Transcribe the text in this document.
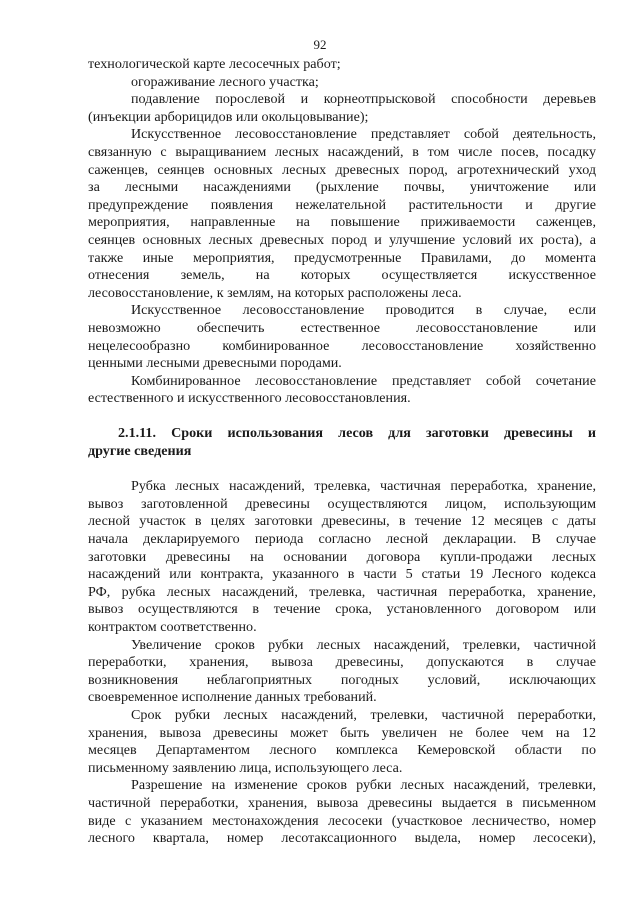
92
технологической карте лесосечных работ;
огораживание лесного участка;
подавление порослевой и корнеотпрысковой способности деревьев
(инъекции арборицидов или окольцовывание);
Искусственное лесовосстановление представляет собой деятельность,
связанную с выращиванием лесных насаждений, в том числе посев, посадку
саженцев, сеянцев основных лесных древесных пород, агротехнический уход
за лесными насаждениями (рыхление почвы, уничтожение или
предупреждение появления нежелательной растительности и другие
мероприятия, направленные на повышение приживаемости саженцев,
сеянцев основных лесных древесных пород и улучшение условий их роста), а
также иные мероприятия, предусмотренные Правилами, до момента
отнесения земель, на которых осуществляется искусственное
лесовосстановление, к землям, на которых расположены леса.
Искусственное лесовосстановление проводится в случае, если
невозможно обеспечить естественное лесовосстановление или
нецелесообразно комбинированное лесовосстановление хозяйственно
ценными лесными древесными породами.
Комбинированное лесовосстановление представляет собой сочетание
естественного и искусственного лесовосстановления.
2.1.11. Сроки использования лесов для заготовки древесины и
другие сведения
Рубка лесных насаждений, трелевка, частичная переработка, хранение,
вывоз заготовленной древесины осуществляются лицом, использующим
лесной участок в целях заготовки древесины, в течение 12 месяцев с даты
начала декларируемого периода согласно лесной декларации. В случае
заготовки древесины на основании договора купли-продажи лесных
насаждений или контракта, указанного в части 5 статьи 19 Лесного кодекса
РФ, рубка лесных насаждений, трелевка, частичная переработка, хранение,
вывоз осуществляются в течение срока, установленного договором или
контрактом соответственно.
Увеличение сроков рубки лесных насаждений, трелевки, частичной
переработки, хранения, вывоза древесины, допускаются в случае
возникновения неблагоприятных погодных условий, исключающих
своевременное исполнение данных требований.
Срок рубки лесных насаждений, трелевки, частичной переработки,
хранения, вывоза древесины может быть увеличен не более чем на 12
месяцев Департаментом лесного комплекса Кемеровской области по
письменному заявлению лица, использующего леса.
Разрешение на изменение сроков рубки лесных насаждений, трелевки,
частичной переработки, хранения, вывоза древесины выдается в письменном
виде с указанием местонахождения лесосеки (участковое лесничество, номер
лесного квартала, номер лесотаксационного выдела, номер лесосеки),
